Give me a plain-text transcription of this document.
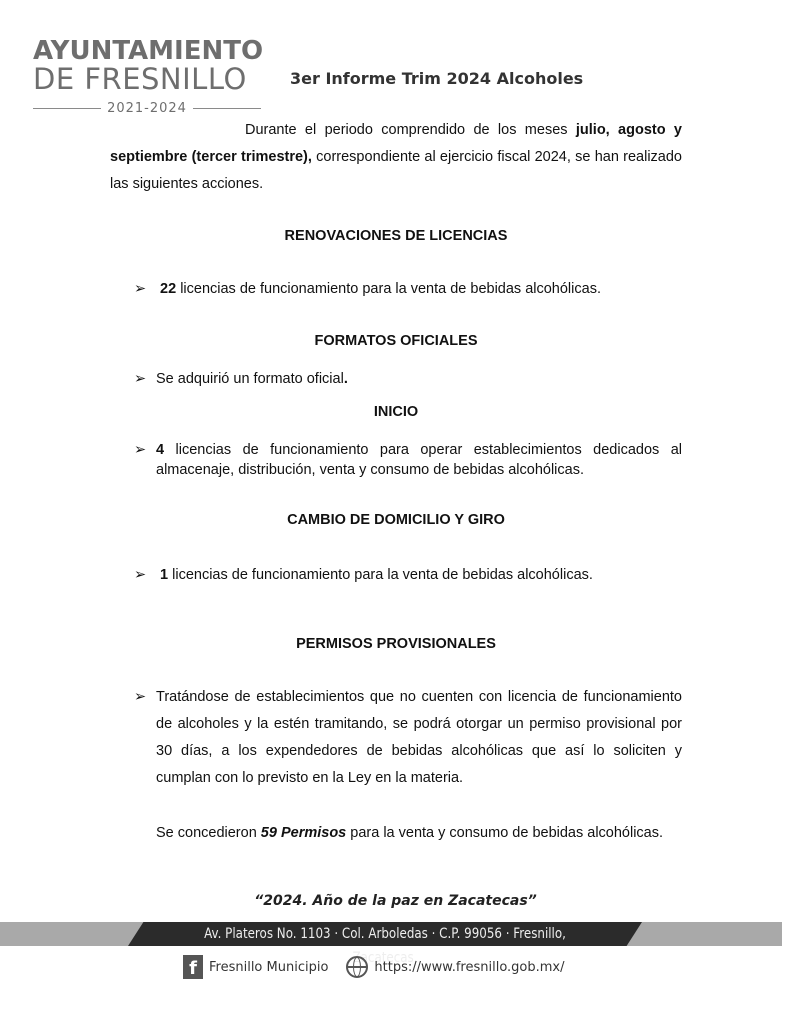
AYUNTAMIENTO
DE FRESNILLO
2021-2024
3er Informe Trim 2024 Alcoholes
Durante el periodo comprendido de los meses julio, agosto y septiembre (tercer trimestre), correspondiente al ejercicio fiscal 2024, se han realizado las siguientes acciones.
RENOVACIONES DE LICENCIAS
➢ 22 licencias de funcionamiento para la venta de bebidas alcohólicas.
FORMATOS OFICIALES
➢ Se adquirió un formato oficial.
INICIO
➢ 4 licencias de funcionamiento para operar establecimientos dedicados al almacenaje, distribución, venta y consumo de bebidas alcohólicas.
CAMBIO DE DOMICILIO Y GIRO
➢ 1 licencias de funcionamiento para la venta de bebidas alcohólicas.
PERMISOS PROVISIONALES
➢ Tratándose de establecimientos que no cuenten con licencia de funcionamiento de alcoholes y la estén tramitando, se podrá otorgar un permiso provisional por 30 días, a los expendedores de bebidas alcohólicas que así lo soliciten y cumplan con lo previsto en la Ley en la materia.
Se concedieron 59 Permisos para la venta y consumo de bebidas alcohólicas.
“2024. Año de la paz en Zacatecas”
Av. Plateros No. 1103 · Col. Arboledas · C.P. 99056 · Fresnillo, Zacatecas.
f Fresnillo Municipio	https://www.fresnillo.gob.mx/
